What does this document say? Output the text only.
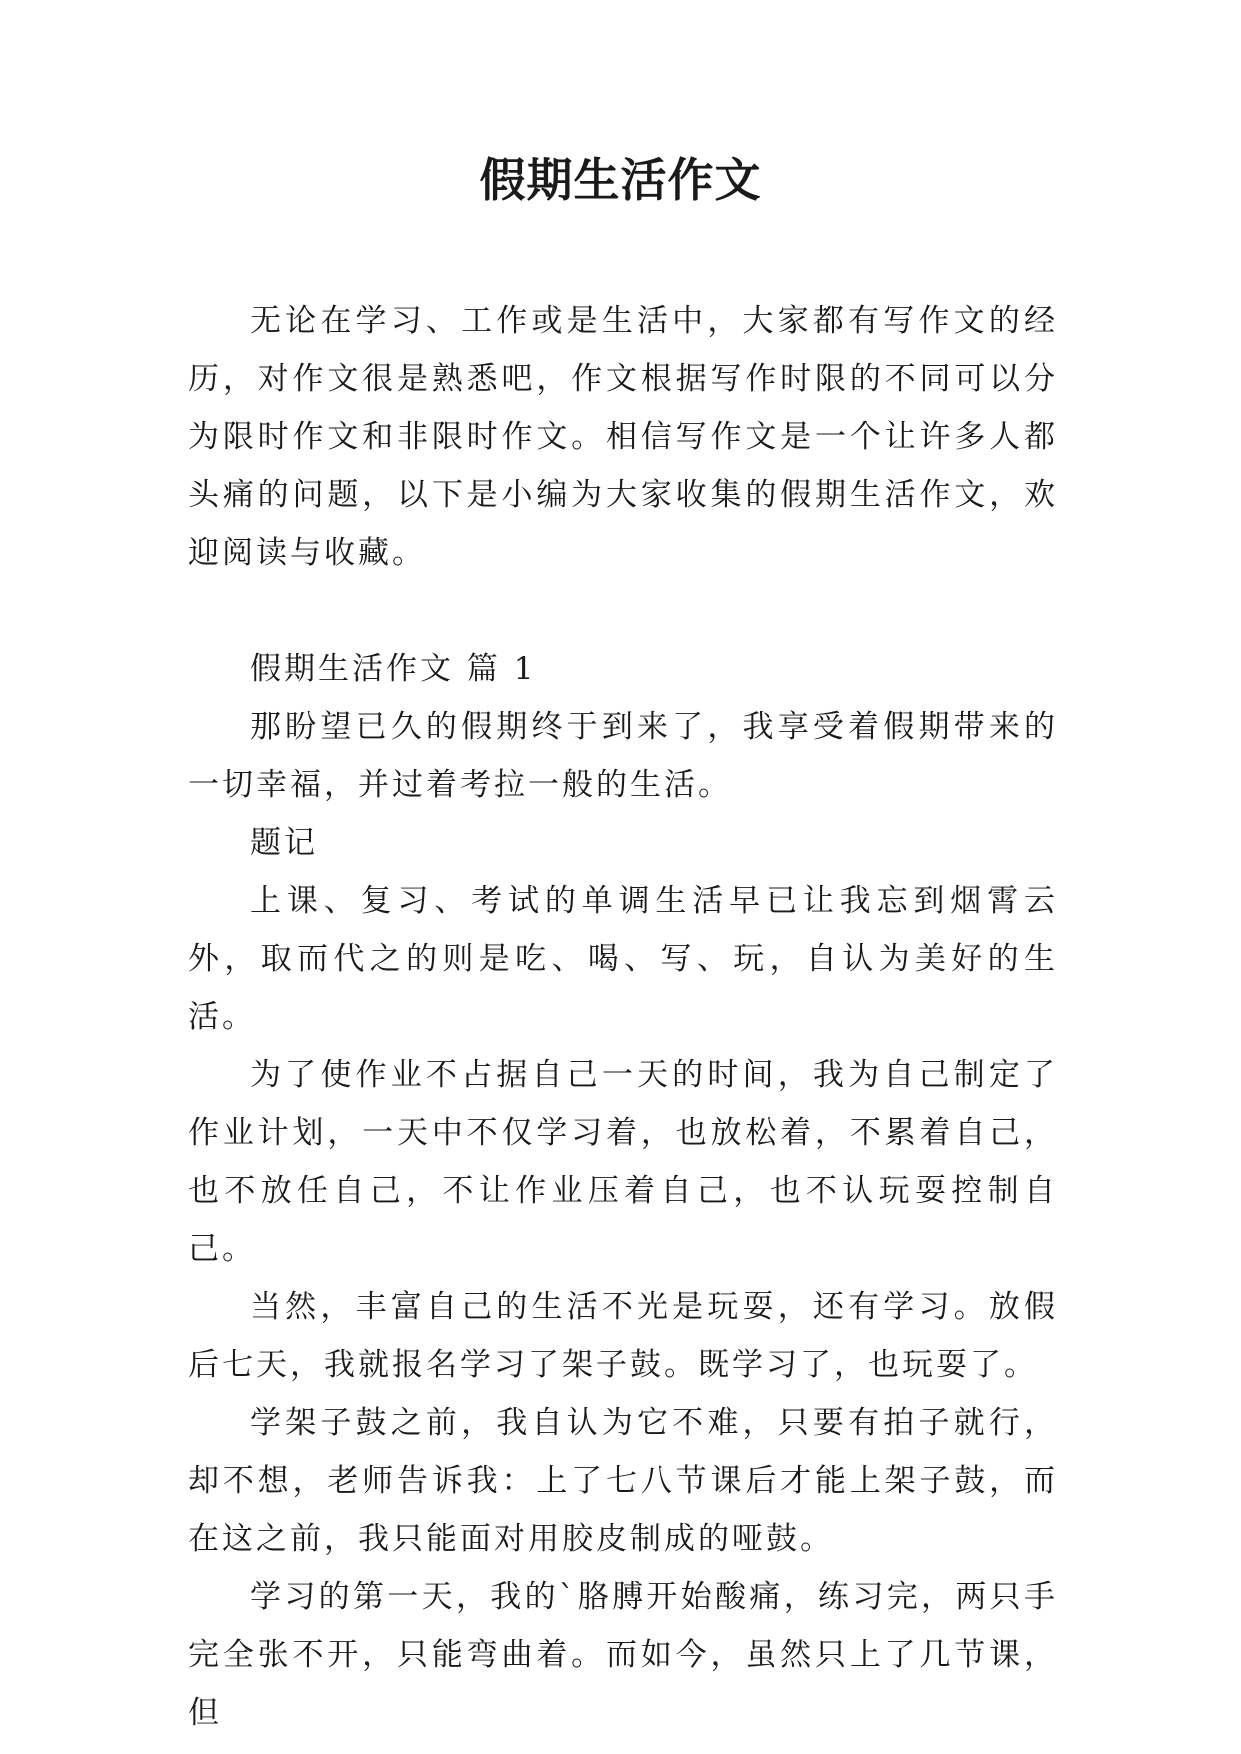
假期生活作文

无论在学习、工作或是生活中，大家都有写作文的经历，对作文很是熟悉吧，作文根据写作时限的不同可以分为限时作文和非限时作文。相信写作文是一个让许多人都头痛的问题，以下是小编为大家收集的假期生活作文，欢迎阅读与收藏。

假期生活作文 篇 1

那盼望已久的假期终于到来了，我享受着假期带来的一切幸福，并过着考拉一般的生活。

题记

上课、复习、考试的单调生活早已让我忘到烟霄云外，取而代之的则是吃、喝、写、玩，自认为美好的生活。

为了使作业不占据自己一天的时间，我为自己制定了作业计划，一天中不仅学习着，也放松着，不累着自己，也不放任自己，不让作业压着自己，也不认玩耍控制自己。

当然，丰富自己的生活不光是玩耍，还有学习。放假后七天，我就报名学习了架子鼓。既学习了，也玩耍了。

学架子鼓之前，我自认为它不难，只要有拍子就行，却不想，老师告诉我：上了七八节课后才能上架子鼓，而在这之前，我只能面对用胶皮制成的哑鼓。

学习的第一天，我的`胳膊开始酸痛，练习完，两只手完全张不开，只能弯曲着。而如今，虽然只上了几节课，但
